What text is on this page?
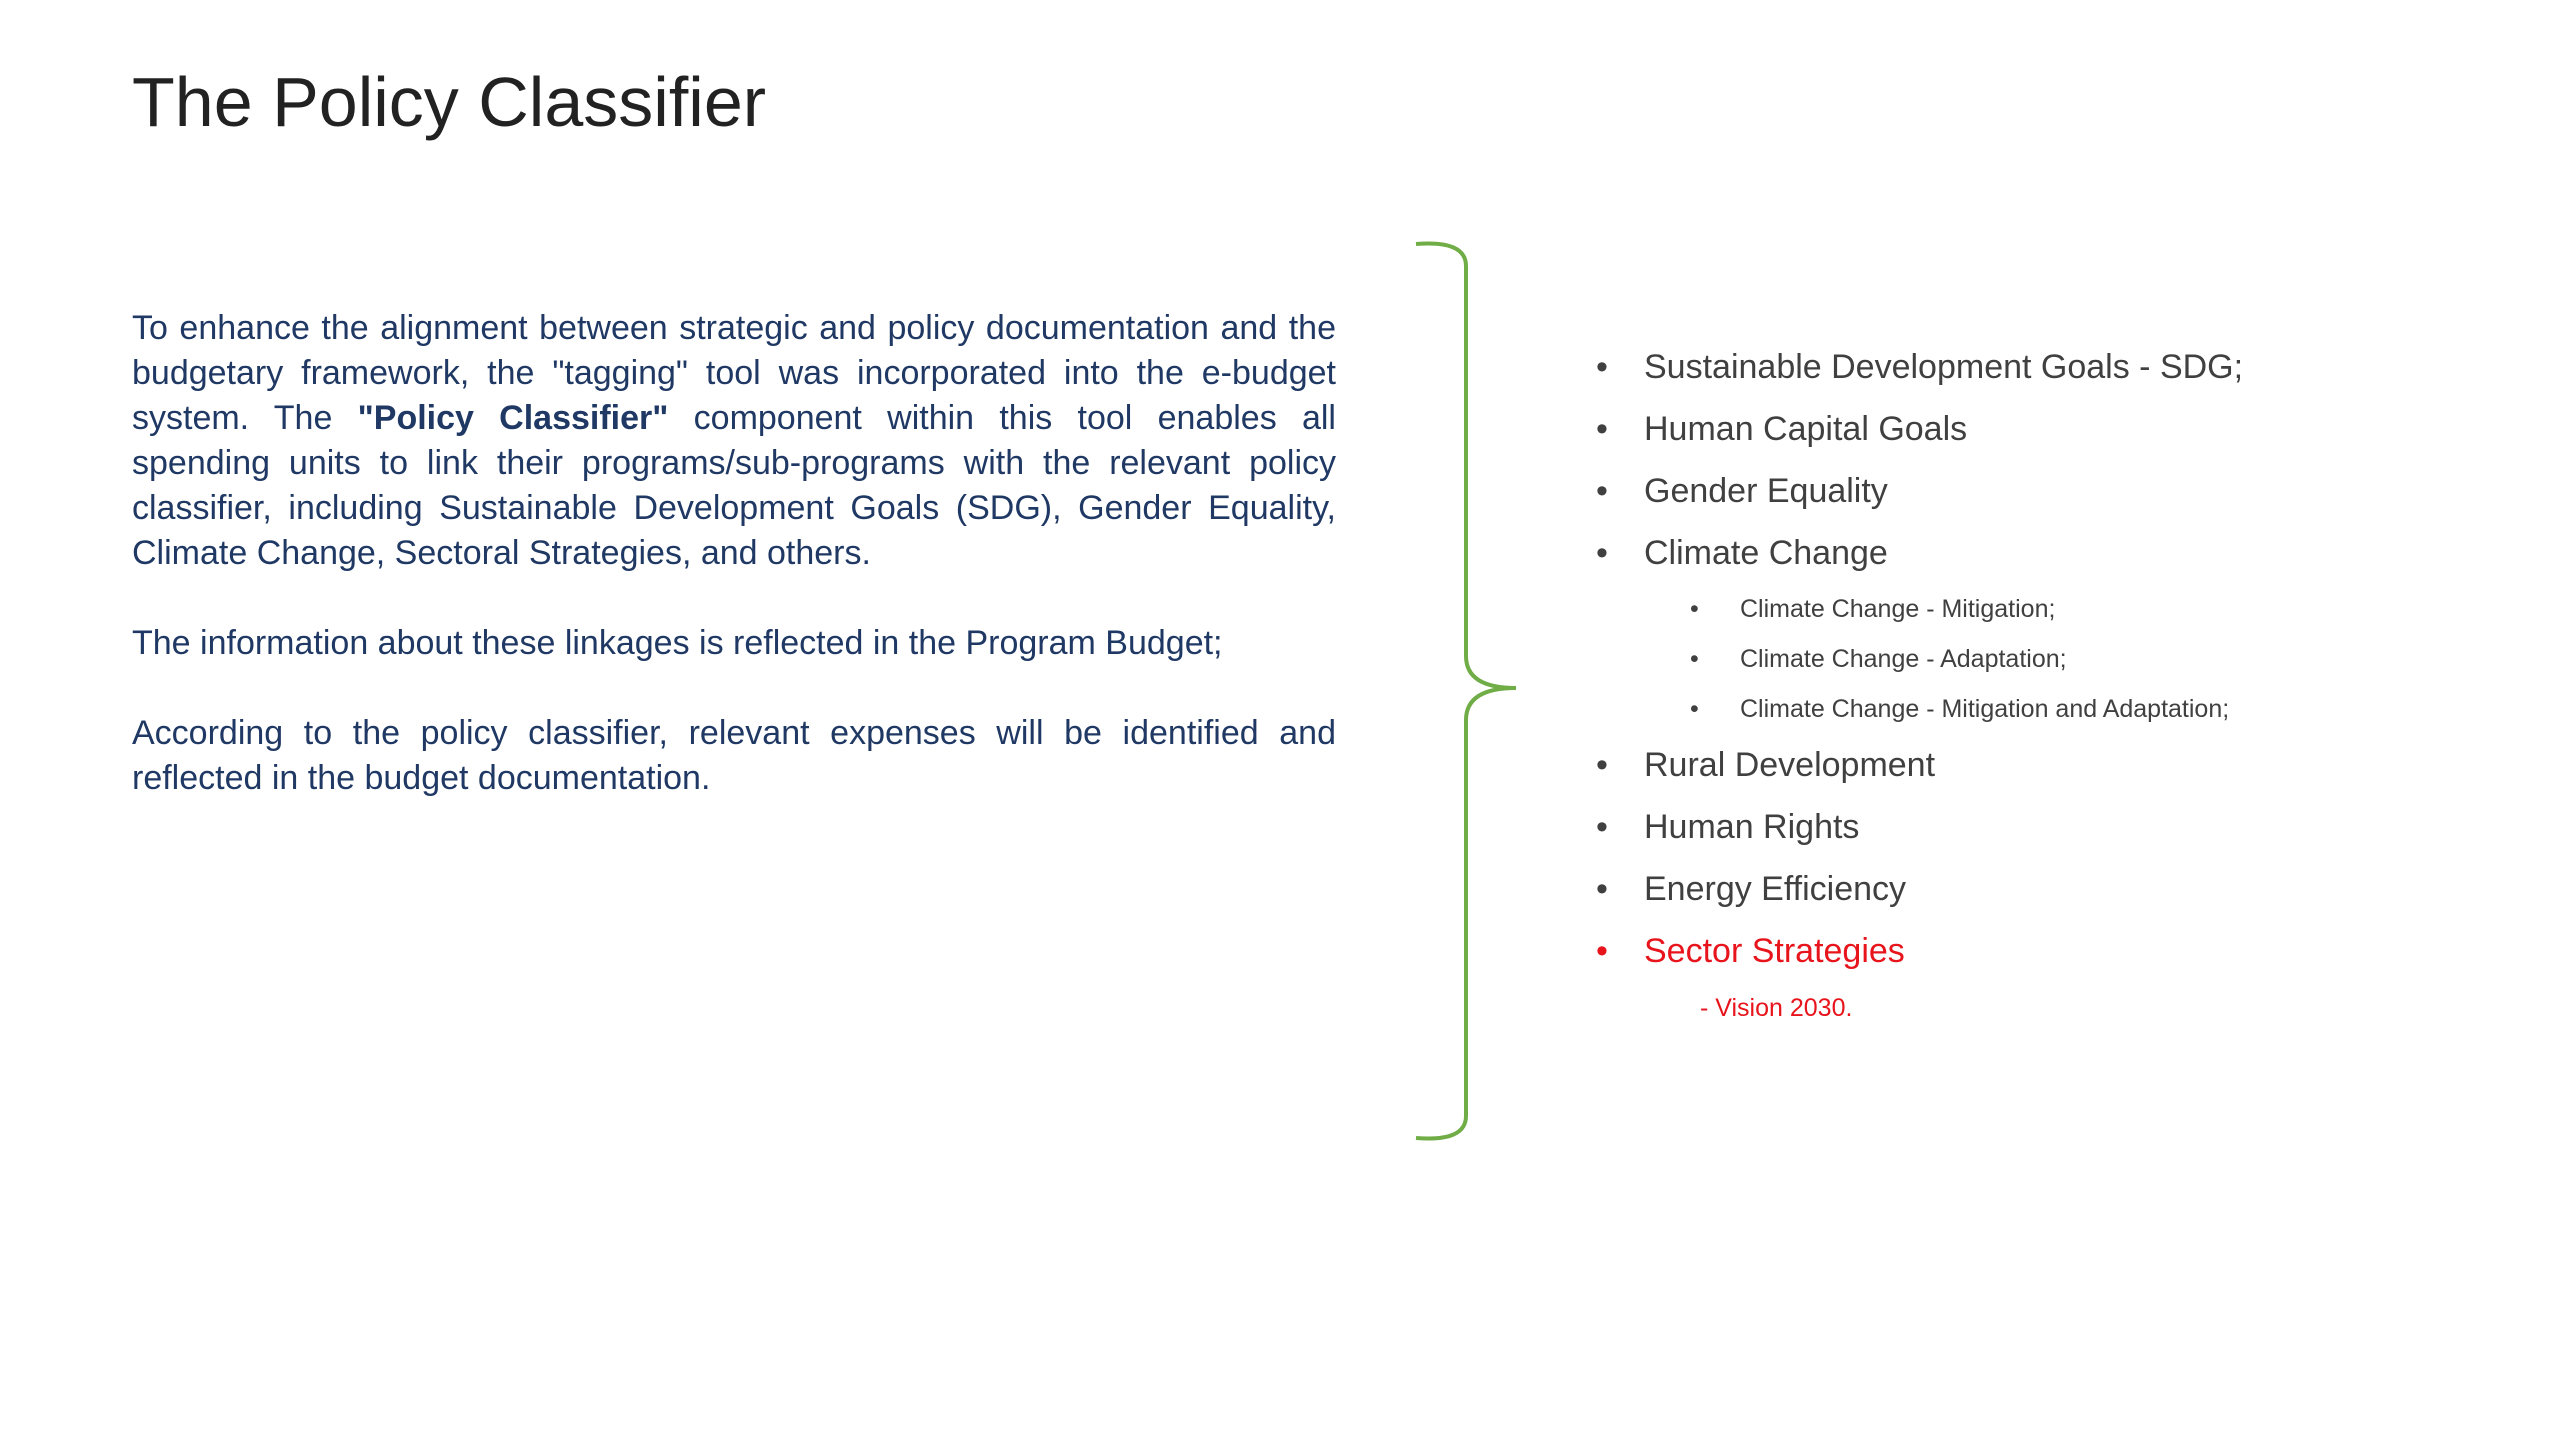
The Policy Classifier

To enhance the alignment between strategic and policy documentation and the budgetary framework, the "tagging" tool was incorporated into the e-budget system. The "Policy Classifier" component within this tool enables all spending units to link their programs/sub-programs with the relevant policy classifier, including Sustainable Development Goals (SDG), Gender Equality, Climate Change, Sectoral Strategies, and others.

The information about these linkages is reflected in the Program Budget;

According to the policy classifier, relevant expenses will be identified and reflected in the budget documentation.

• Sustainable Development Goals - SDG;
• Human Capital Goals
• Gender Equality
• Climate Change
• Climate Change - Mitigation;
• Climate Change - Adaptation;
• Climate Change - Mitigation and Adaptation;
• Rural Development
• Human Rights
• Energy Efficiency
• Sector Strategies
- Vision 2030.
